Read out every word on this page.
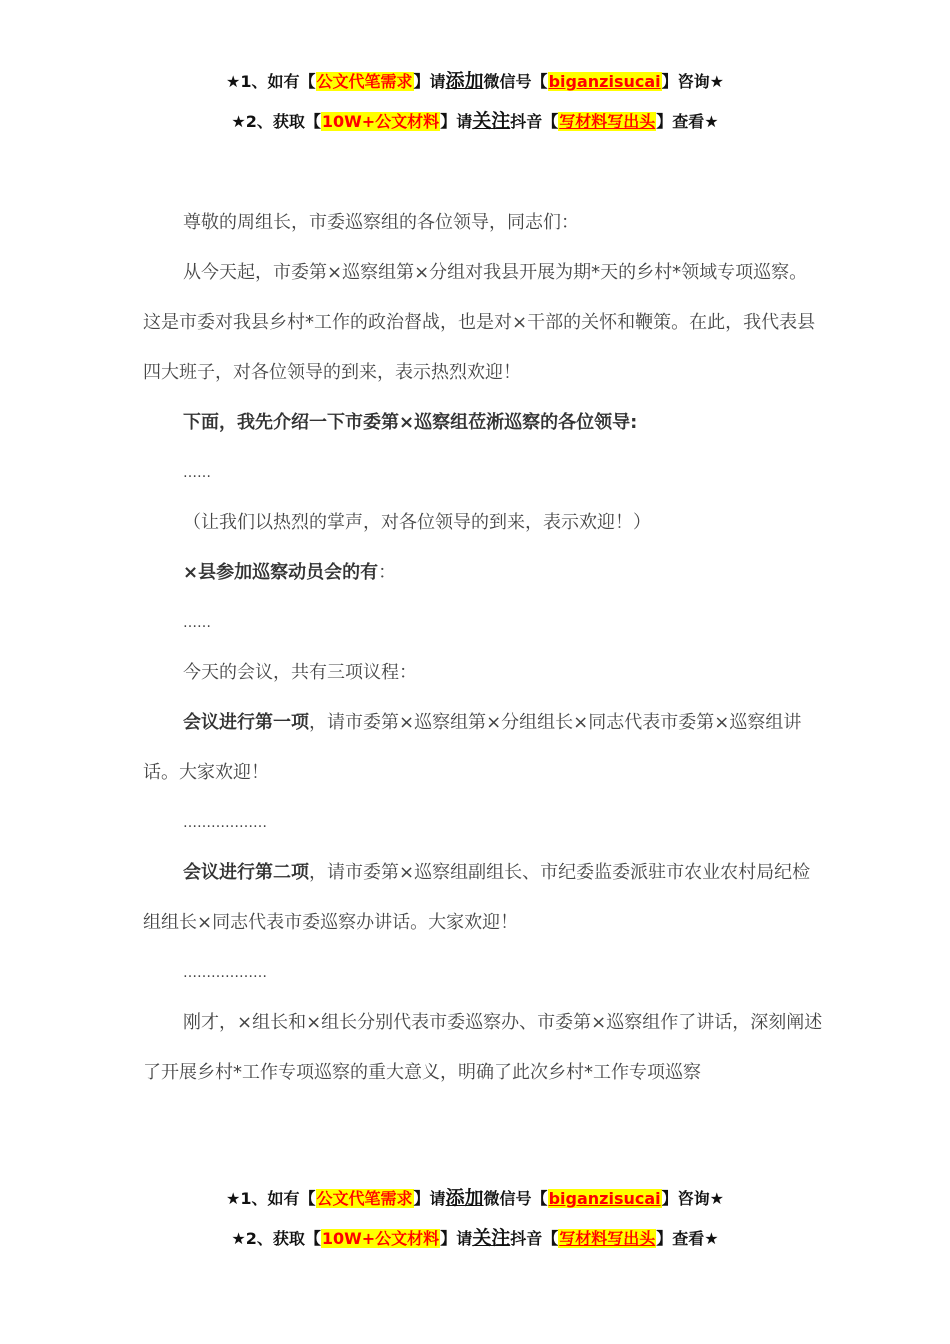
★1、如有【公文代笔需求】请添加微信号【biganzisucai】咨询★
★2、获取【10W+公文材料】请关注抖音【写材料写出头】查看★

尊敬的周组长，市委巡察组的各位领导，同志们：

从今天起，市委第×巡察组第×分组对我县开展为期*天的乡村*领域专项巡察。这是市委对我县乡村*工作的政治督战，也是对×干部的关怀和鞭策。在此，我代表县四大班子，对各位领导的到来，表示热烈欢迎！

下面，我先介绍一下市委第×巡察组莅淅巡察的各位领导:

……

（让我们以热烈的掌声，对各位领导的到来，表示欢迎！）

×县参加巡察动员会的有：

……

今天的会议，共有三项议程：

会议进行第一项，请市委第×巡察组第×分组组长×同志代表市委第×巡察组讲话。大家欢迎！

………………

会议进行第二项，请市委第×巡察组副组长、市纪委监委派驻市农业农村局纪检组组长×同志代表市委巡察办讲话。大家欢迎！

………………

刚才，×组长和×组长分别代表市委巡察办、市委第×巡察组作了讲话，深刻阐述了开展乡村*工作专项巡察的重大意义，明确了此次乡村*工作专项巡察

★1、如有【公文代笔需求】请添加微信号【biganzisucai】咨询★
★2、获取【10W+公文材料】请关注抖音【写材料写出头】查看★
